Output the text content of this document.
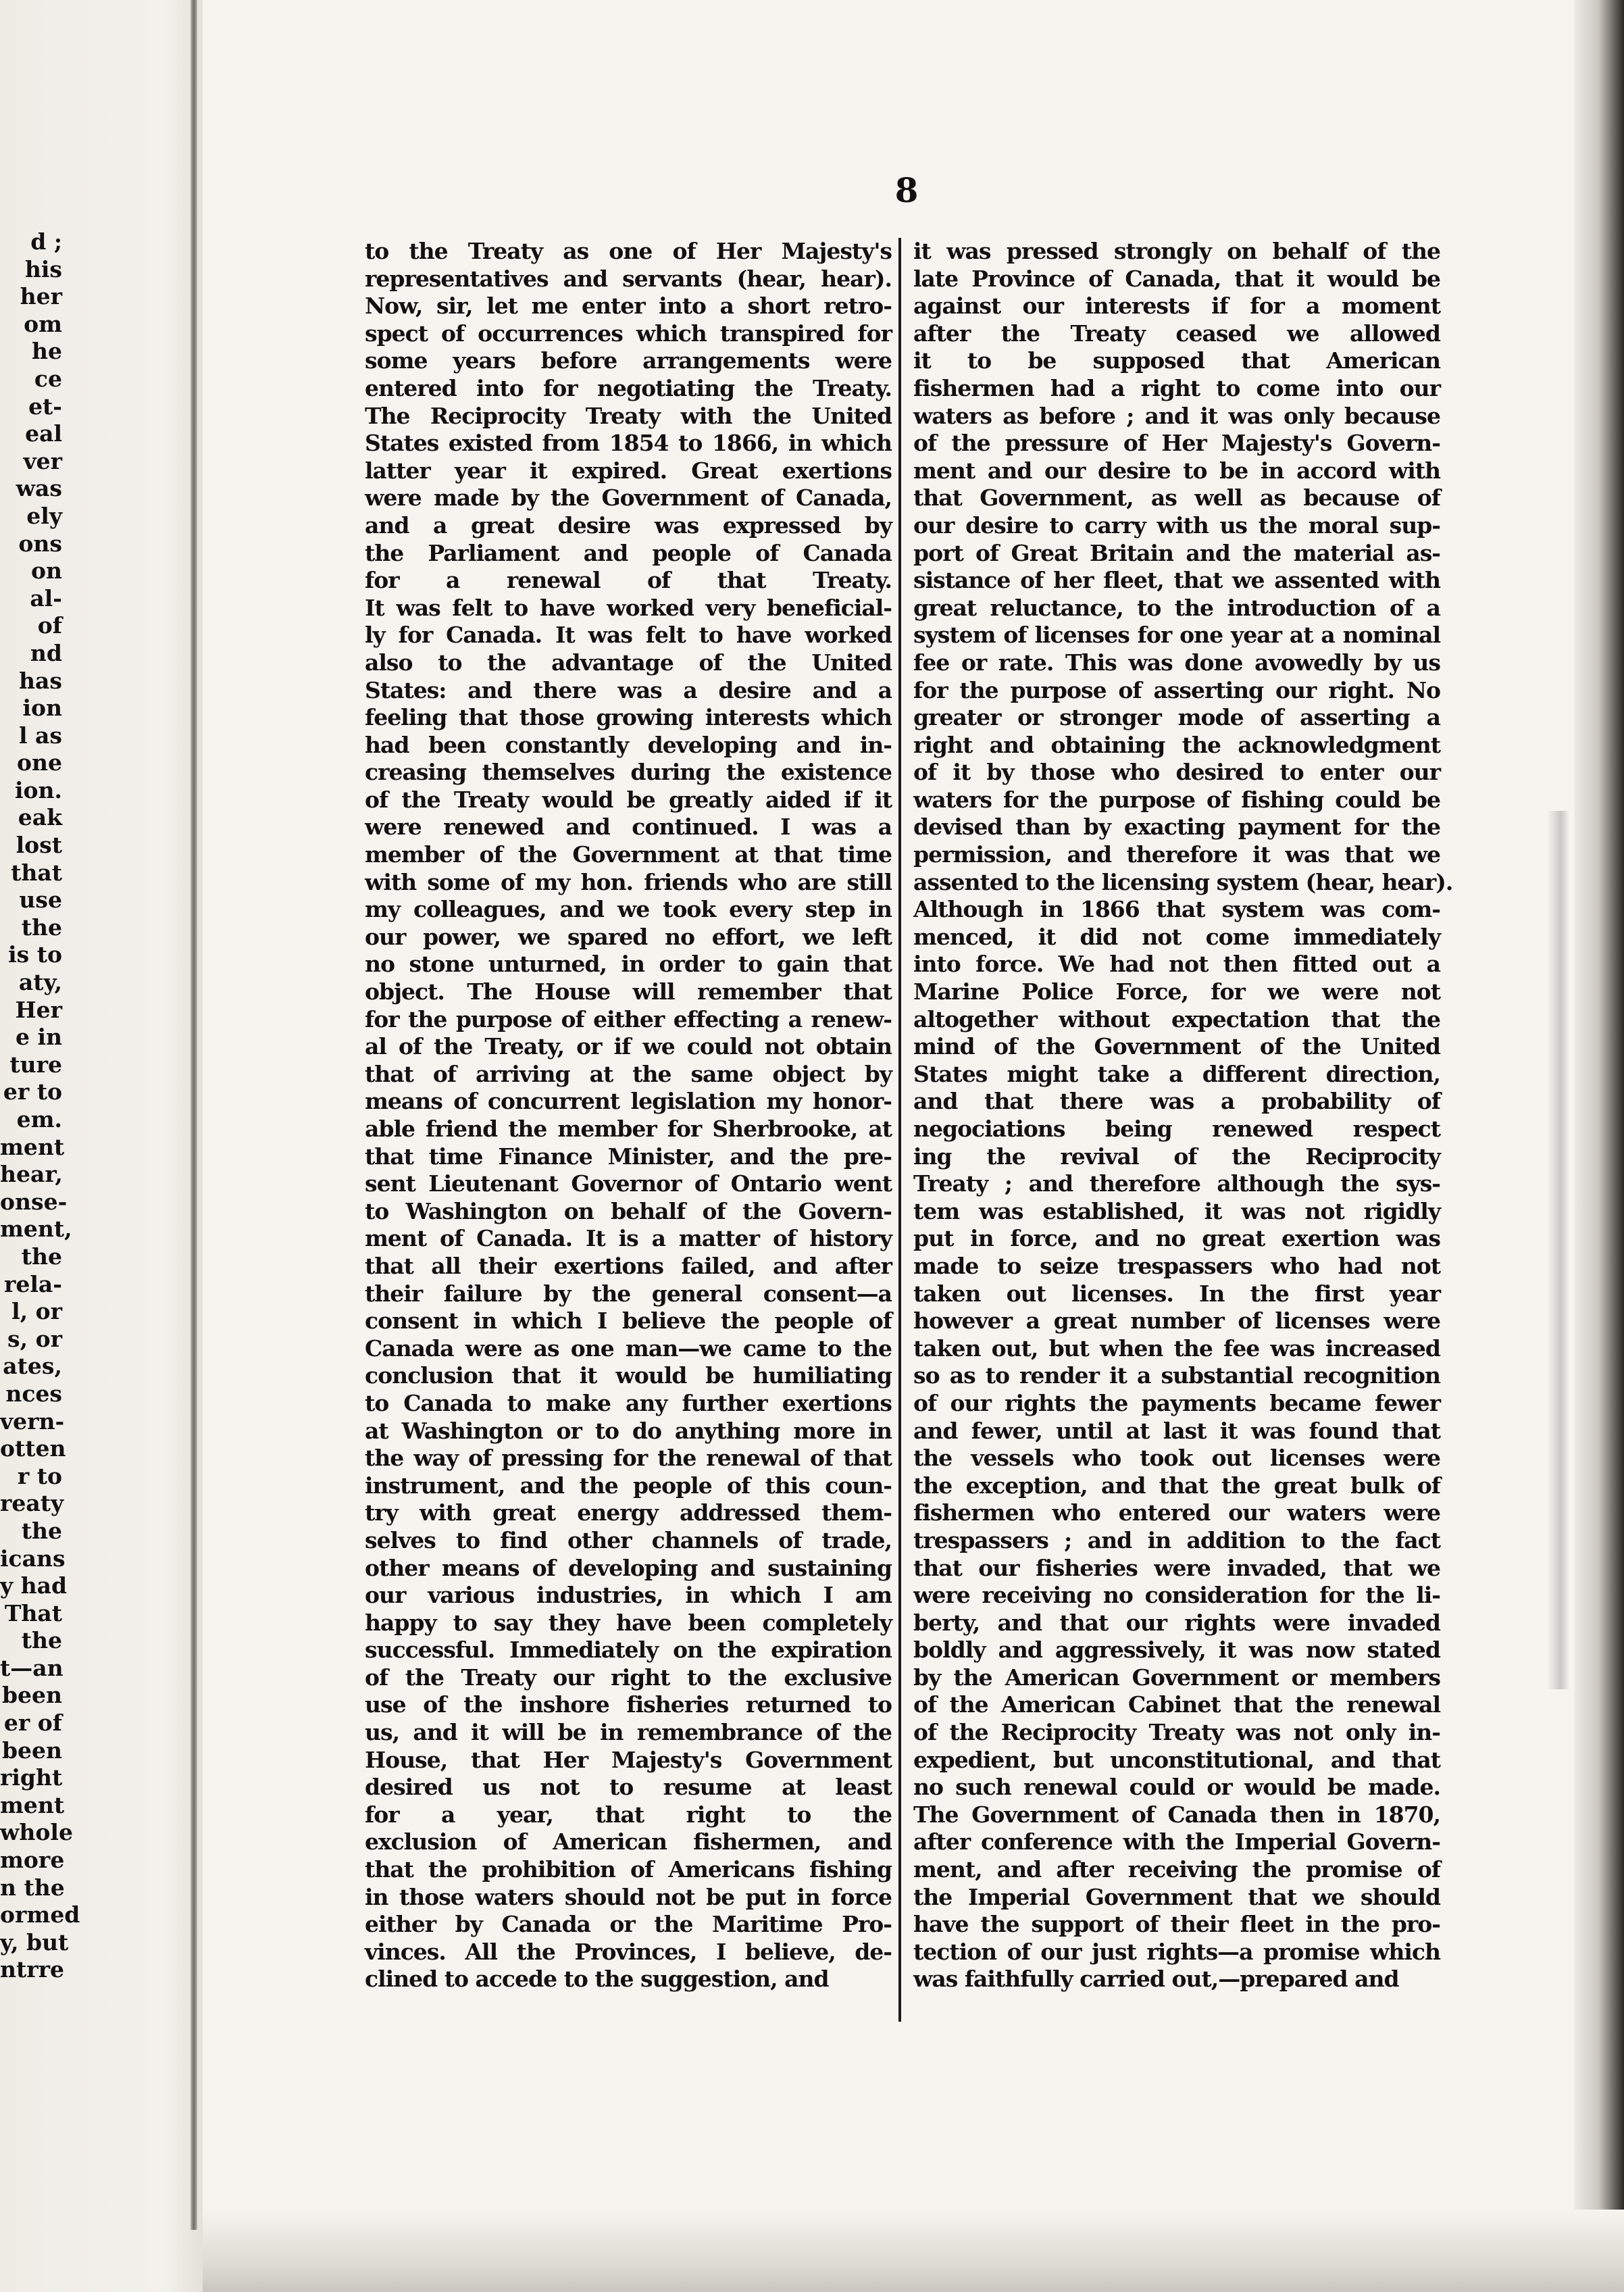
d ;
his
her
om
he
ce
et-
eal
ver
was
ely
ons
on
al-
of
nd
has
ion
l as
one
ion.
eak
lost
that
use
the
is to
aty,
Her
e in
ture
er to
em.
ment
hear,
onse-
ment,
the
rela-
l, or
s, or
ates,
nces
vern-
otten
r to
reaty
the
icans
y had
That
the
t—an
been
er of
been
right
ment
whole
more
n the
ormed
y, but
ntrre
8
to the Treaty as one of Her Majesty's
representatives and servants (hear, hear).
Now, sir, let me enter into a short retro-
spect of occurrences which transpired for
some years before arrangements were
entered into for negotiating the Treaty.
The Reciprocity Treaty with the United
States existed from 1854 to 1866, in which
latter year it expired. Great exertions
were made by the Government of Canada,
and a great desire was expressed by
the Parliament and people of Canada
for a renewal of that Treaty.
It was felt to have worked very beneficial-
ly for Canada. It was felt to have worked
also to the advantage of the United
States: and there was a desire and a
feeling that those growing interests which
had been constantly developing and in-
creasing themselves during the existence
of the Treaty would be greatly aided if it
were renewed and continued. I was a
member of the Government at that time
with some of my hon. friends who are still
my colleagues, and we took every step in
our power, we spared no effort, we left
no stone unturned, in order to gain that
object. The House will remember that
for the purpose of either effecting a renew-
al of the Treaty, or if we could not obtain
that of arriving at the same object by
means of concurrent legislation my honor-
able friend the member for Sherbrooke, at
that time Finance Minister, and the pre-
sent Lieutenant Governor of Ontario went
to Washington on behalf of the Govern-
ment of Canada. It is a matter of history
that all their exertions failed, and after
their failure by the general consent—a
consent in which I believe the people of
Canada were as one man—we came to the
conclusion that it would be humiliating
to Canada to make any further exertions
at Washington or to do anything more in
the way of pressing for the renewal of that
instrument, and the people of this coun-
try with great energy addressed them-
selves to find other channels of trade,
other means of developing and sustaining
our various industries, in which I am
happy to say they have been completely
successful. Immediately on the expiration
of the Treaty our right to the exclusive
use of the inshore fisheries returned to
us, and it will be in remembrance of the
House, that Her Majesty's Government
desired us not to resume at least
for a year, that right to the
exclusion of American fishermen, and
that the prohibition of Americans fishing
in those waters should not be put in force
either by Canada or the Maritime Pro-
vinces. All the Provinces, I believe, de-
clined to accede to the suggestion, and
it was pressed strongly on behalf of the
late Province of Canada, that it would be
against our interests if for a moment
after the Treaty ceased we allowed
it to be supposed that American
fishermen had a right to come into our
waters as before ; and it was only because
of the pressure of Her Majesty's Govern-
ment and our desire to be in accord with
that Government, as well as because of
our desire to carry with us the moral sup-
port of Great Britain and the material as-
sistance of her fleet, that we assented with
great reluctance, to the introduction of a
system of licenses for one year at a nominal
fee or rate. This was done avowedly by us
for the purpose of asserting our right. No
greater or stronger mode of asserting a
right and obtaining the acknowledgment
of it by those who desired to enter our
waters for the purpose of fishing could be
devised than by exacting payment for the
permission, and therefore it was that we
assented to the licensing system (hear, hear).
Although in 1866 that system was com-
menced, it did not come immediately
into force. We had not then fitted out a
Marine Police Force, for we were not
altogether without expectation that the
mind of the Government of the United
States might take a different direction,
and that there was a probability of
negociations being renewed respect
ing the revival of the Reciprocity
Treaty ; and therefore although the sys-
tem was established, it was not rigidly
put in force, and no great exertion was
made to seize trespassers who had not
taken out licenses. In the first year
however a great number of licenses were
taken out, but when the fee was increased
so as to render it a substantial recognition
of our rights the payments became fewer
and fewer, until at last it was found that
the vessels who took out licenses were
the exception, and that the great bulk of
fishermen who entered our waters were
trespassers ; and in addition to the fact
that our fisheries were invaded, that we
were receiving no consideration for the li-
berty, and that our rights were invaded
boldly and aggressively, it was now stated
by the American Government or members
of the American Cabinet that the renewal
of the Reciprocity Treaty was not only in-
expedient, but unconstitutional, and that
no such renewal could or would be made.
The Government of Canada then in 1870,
after conference with the Imperial Govern-
ment, and after receiving the promise of
the Imperial Government that we should
have the support of their fleet in the pro-
tection of our just rights—a promise which
was faithfully carried out,—prepared and
